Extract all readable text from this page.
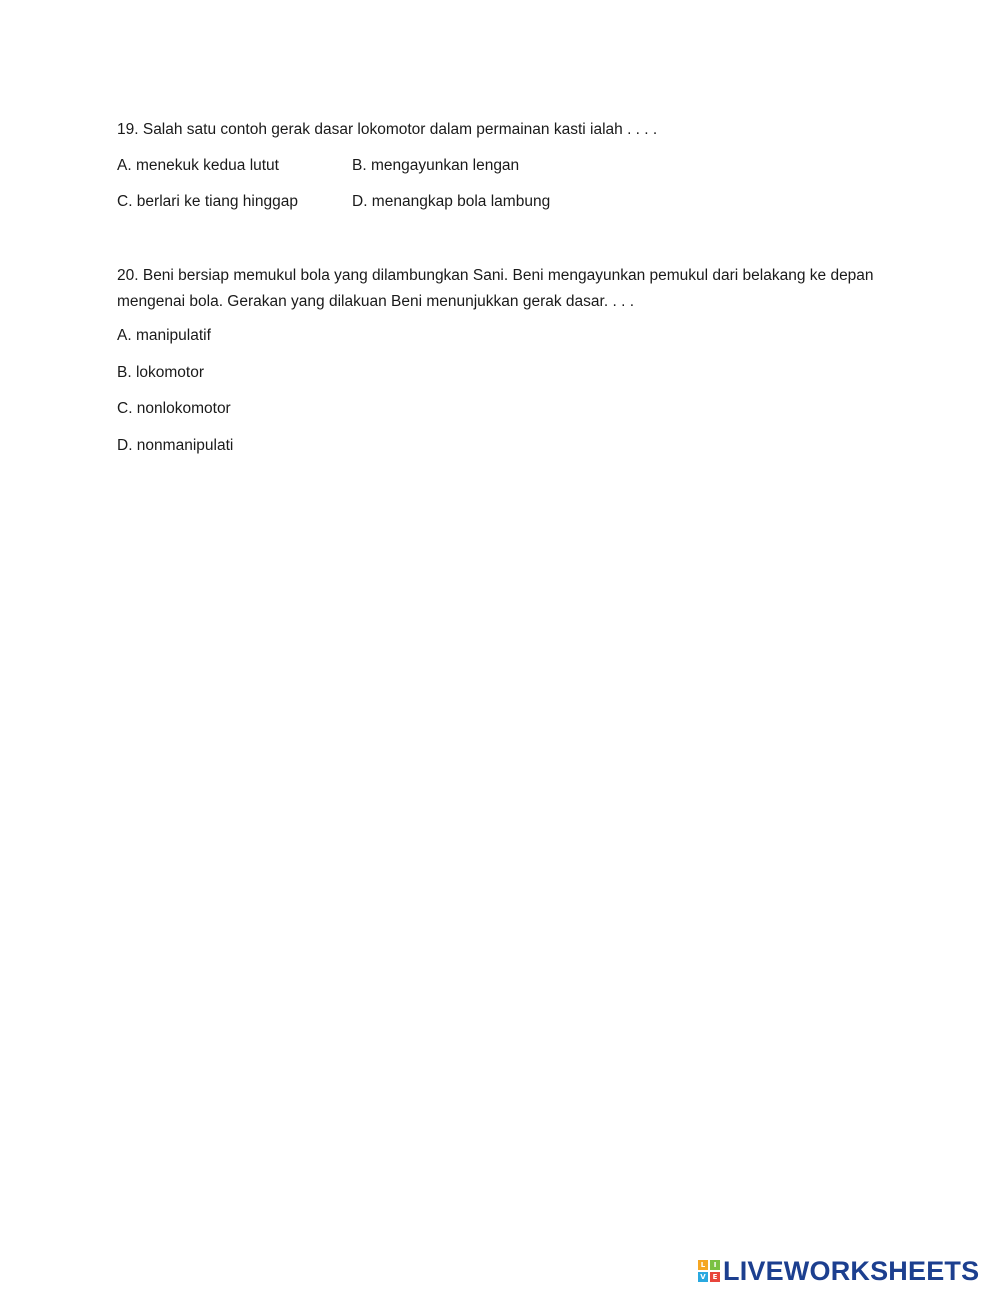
19. Salah satu contoh gerak dasar lokomotor dalam permainan kasti ialah . . . .

A. menekuk kedua lutut	B. mengayunkan lengan

C. berlari ke tiang hinggap	D. menangkap bola lambung

20. Beni bersiap memukul bola yang dilambungkan Sani. Beni mengayunkan pemukul dari belakang ke depan mengenai bola. Gerakan yang dilakuan Beni menunjukkan gerak dasar. . . .

A. manipulatif

B. lokomotor

C. nonlokomotor

D. nonmanipulati

L	I
V E LIVEWORKSHEETS
